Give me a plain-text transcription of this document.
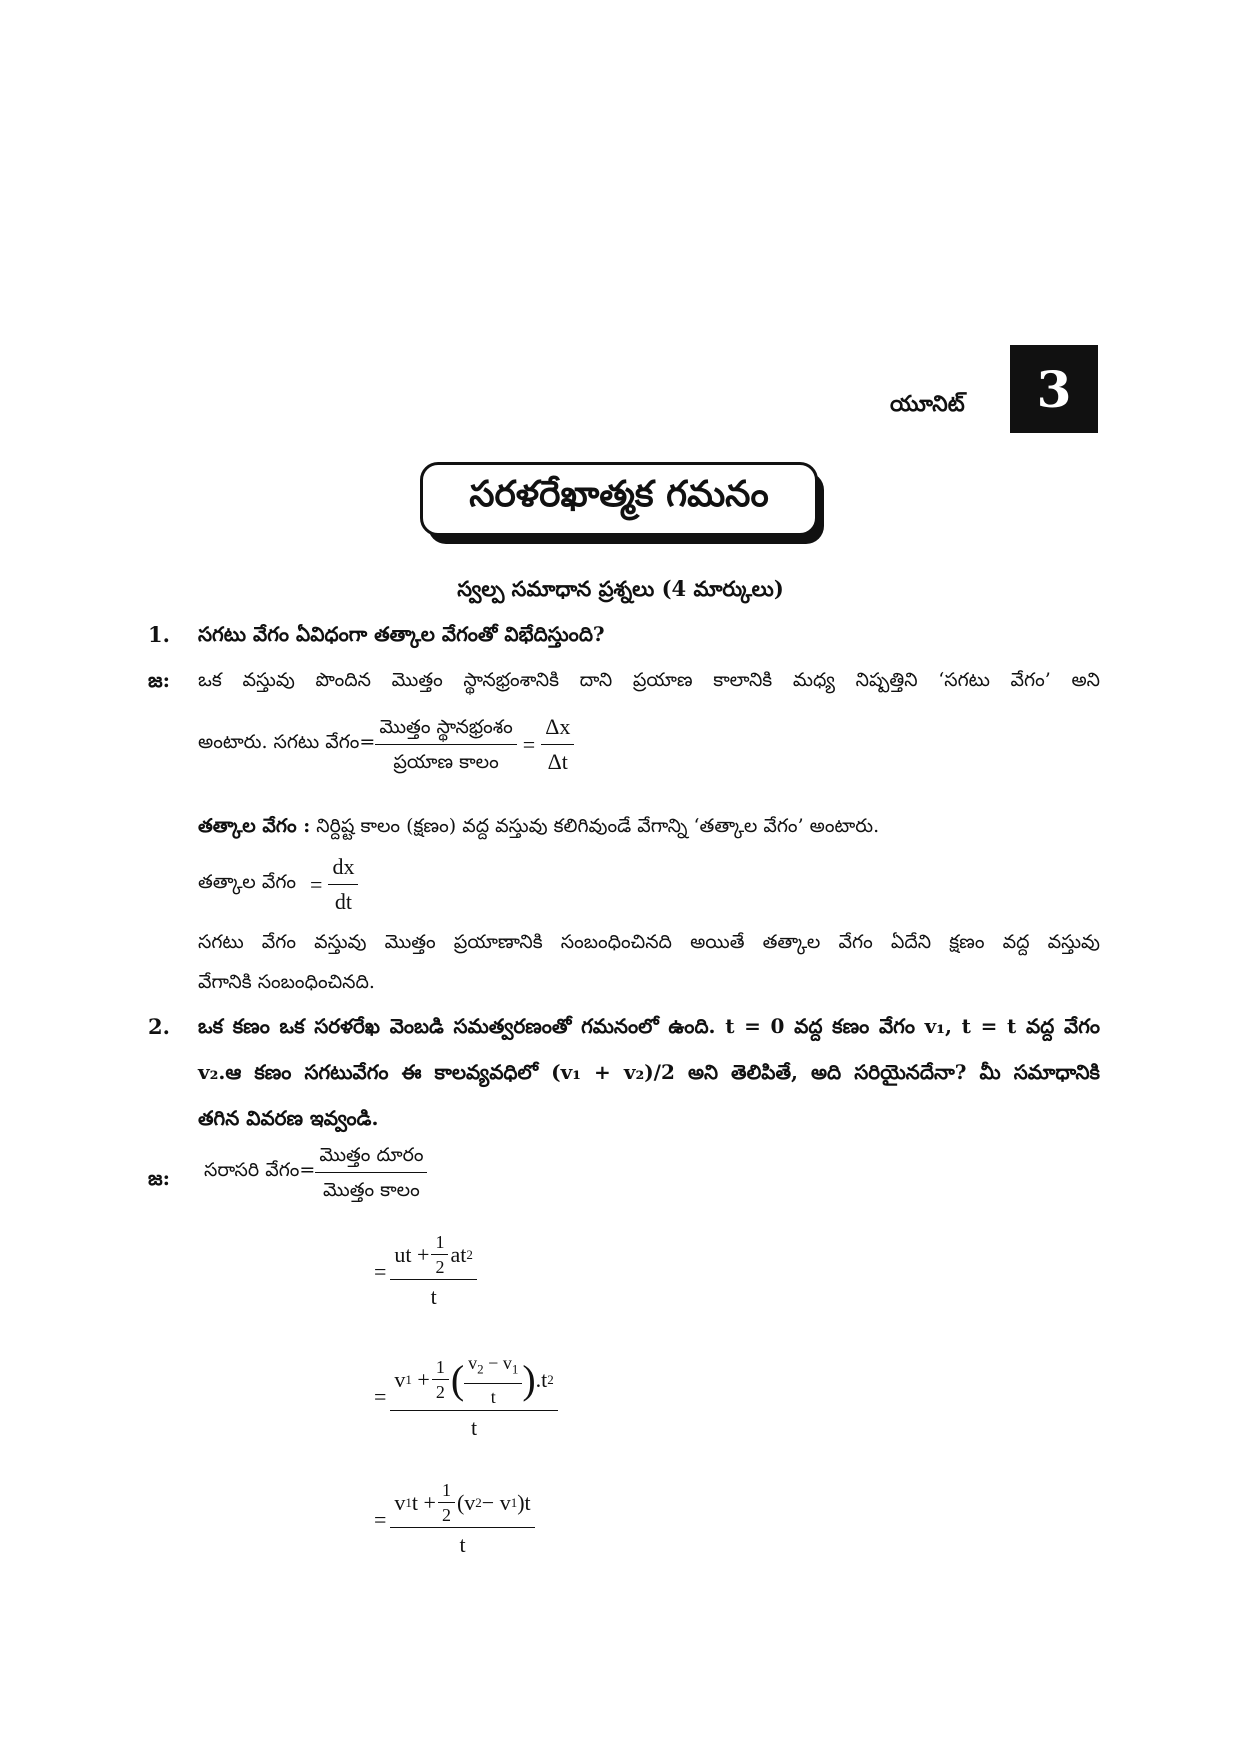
యూనిట్	3
సరళరేఖాత్మక గమనం
స్వల్ప సమాధాన ప్రశ్నలు (4 మార్కులు)
1. సగటు వేగం ఏవిధంగా తత్కాల వేగంతో విభేదిస్తుంది?
జ: ఒక వస్తువు పొందిన మొత్తం స్థానభ్రంశానికి దాని ప్రయాణ కాలానికి మధ్య నిష్పత్తిని ‘సగటు వేగం’ అని
అంటారు. సగటు వేగం= $\frac{\text{మొత్తం స్థానభ్రంశం}}{\text{ప్రయాణ కాలం}} = \frac{\Delta x}{\Delta t}$
తత్కాల వేగం : నిర్దిష్ట కాలం (క్షణం) వద్ద వస్తువు కలిగివుండే వేగాన్ని ‘తత్కాల వేగం’ అంటారు.
తత్కాల వేగం = $\frac{dx}{dt}$
సగటు వేగం వస్తువు మొత్తం ప్రయాణానికి సంబంధించినది అయితే తత్కాల వేగం ఏదేని క్షణం వద్ద వస్తువు
వేగానికి సంబంధించినది.
2. ఒక కణం ఒక సరళరేఖ వెంబడి సమత్వరణంతో గమనంలో ఉంది. t = 0 వద్ద కణం వేగం v₁, t = t వద్ద వేగం
v₂.ఆ కణం సగటువేగం ఈ కాలవ్యవధిలో (v₁ + v₂)/2 అని తెలిపితే, అది సరియైనదేనా? మీ సమాధానికి
తగిన వివరణ ఇవ్వండి.
జ: సరాసరి వేగం= $\frac{\text{మొత్తం దూరం}}{\text{మొత్తం కాలం}}$
= $\frac{ut + \frac{1}{2} at 2}{t}$
= $\frac{v 1 + \frac{1}{2} ( \frac{v_2 - v_1}{t} ) .t 2}{t}$
= $\frac{v 1 t + \frac{1}{2} (v 2 - v 1 )t}{t}$
